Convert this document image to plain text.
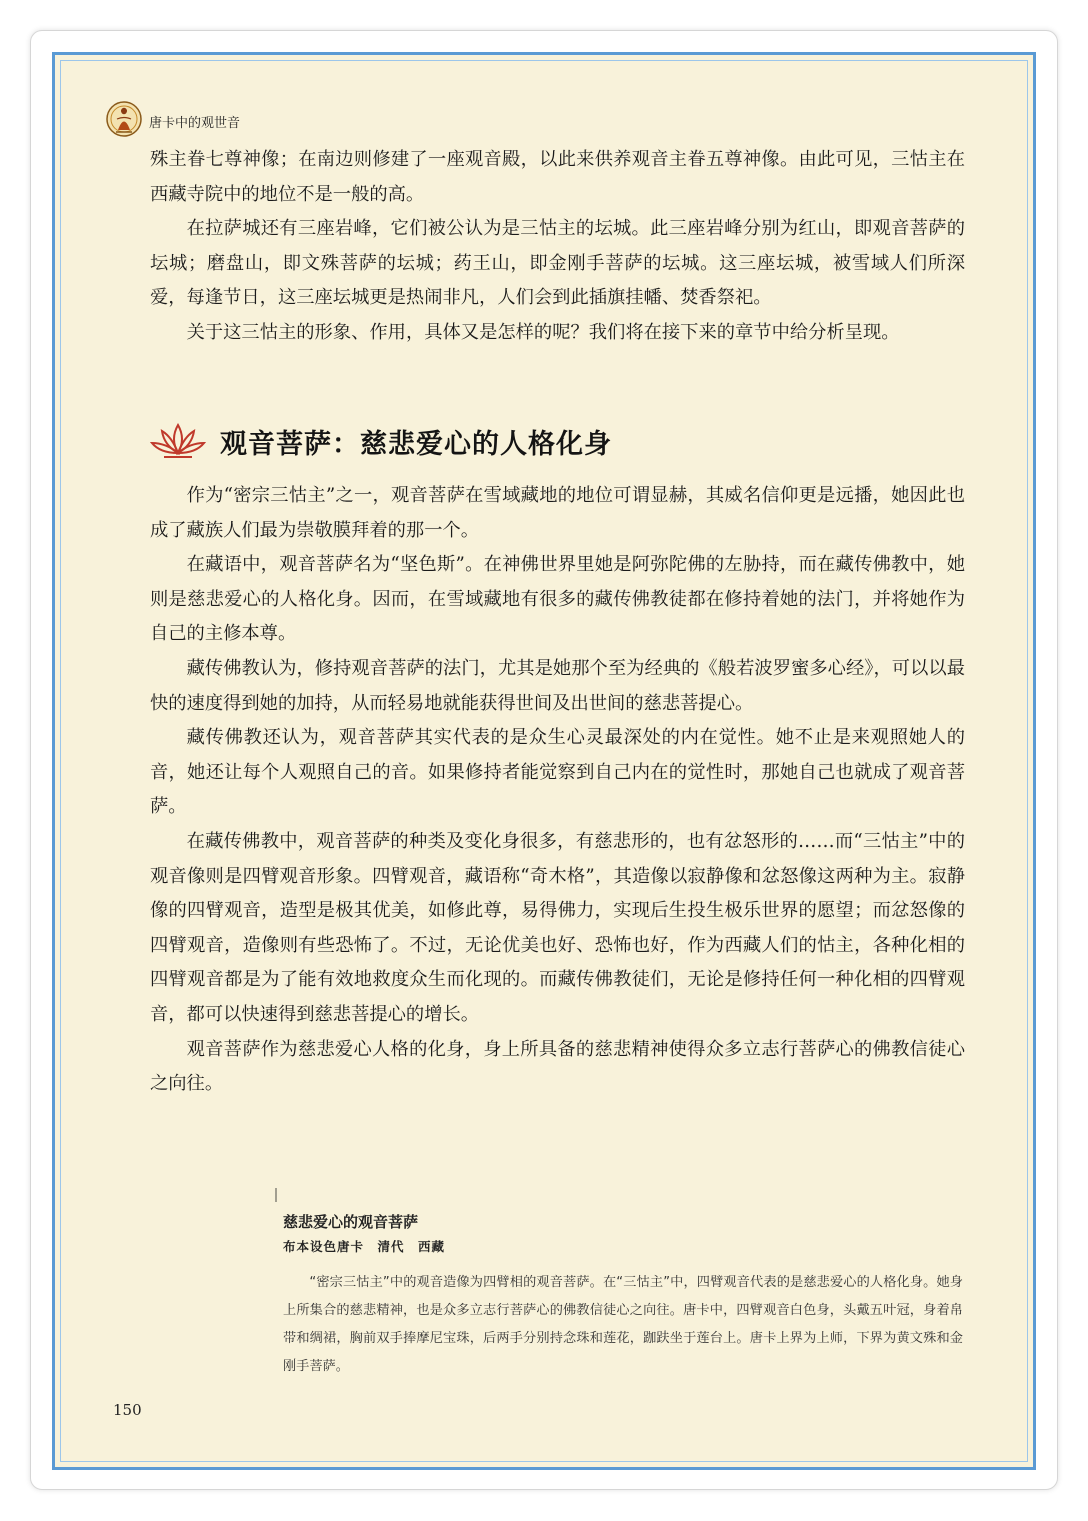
唐卡中的观世音

殊主眷七尊神像；在南边则修建了一座观音殿，以此来供养观音主眷五尊神像。由此可见，三怙主在西藏寺院中的地位不是一般的高。

在拉萨城还有三座岩峰，它们被公认为是三怙主的坛城。此三座岩峰分别为红山，即观音菩萨的坛城；磨盘山，即文殊菩萨的坛城；药王山，即金刚手菩萨的坛城。这三座坛城，被雪域人们所深爱，每逢节日，这三座坛城更是热闹非凡，人们会到此插旗挂幡、焚香祭祀。

关于这三怙主的形象、作用，具体又是怎样的呢？我们将在接下来的章节中给分析呈现。

观音菩萨：慈悲爱心的人格化身

作为“密宗三怙主”之一，观音菩萨在雪域藏地的地位可谓显赫，其威名信仰更是远播，她因此也成了藏族人们最为崇敬膜拜着的那一个。

在藏语中，观音菩萨名为“坚色斯”。在神佛世界里她是阿弥陀佛的左胁持，而在藏传佛教中，她则是慈悲爱心的人格化身。因而，在雪域藏地有很多的藏传佛教徒都在修持着她的法门，并将她作为自己的主修本尊。

藏传佛教认为，修持观音菩萨的法门，尤其是她那个至为经典的《般若波罗蜜多心经》，可以以最快的速度得到她的加持，从而轻易地就能获得世间及出世间的慈悲菩提心。

藏传佛教还认为，观音菩萨其实代表的是众生心灵最深处的内在觉性。她不止是来观照她人的音，她还让每个人观照自己的音。如果修持者能觉察到自己内在的觉性时，那她自己也就成了观音菩萨。

在藏传佛教中，观音菩萨的种类及变化身很多，有慈悲形的，也有忿怒形的……而“三怙主”中的观音像则是四臂观音形象。四臂观音，藏语称“奇木格”，其造像以寂静像和忿怒像这两种为主。寂静像的四臂观音，造型是极其优美，如修此尊，易得佛力，实现后生投生极乐世界的愿望；而忿怒像的四臂观音，造像则有些恐怖了。不过，无论优美也好、恐怖也好，作为西藏人们的怙主，各种化相的四臂观音都是为了能有效地救度众生而化现的。而藏传佛教徒们，无论是修持任何一种化相的四臂观音，都可以快速得到慈悲菩提心的增长。

观音菩萨作为慈悲爱心人格的化身，身上所具备的慈悲精神使得众多立志行菩萨心的佛教信徒心之向往。

慈悲爱心的观音菩萨
布本设色唐卡　清代　西藏
“密宗三怙主”中的观音造像为四臂相的观音菩萨。在“三怙主”中，四臂观音代表的是慈悲爱心的人格化身。她身上所集合的慈悲精神，也是众多立志行菩萨心的佛教信徒心之向往。唐卡中，四臂观音白色身，头戴五叶冠，身着帛带和绸裙，胸前双手捧摩尼宝珠，后两手分别持念珠和莲花，跏趺坐于莲台上。唐卡上界为上师，下界为黄文殊和金刚手菩萨。
150
